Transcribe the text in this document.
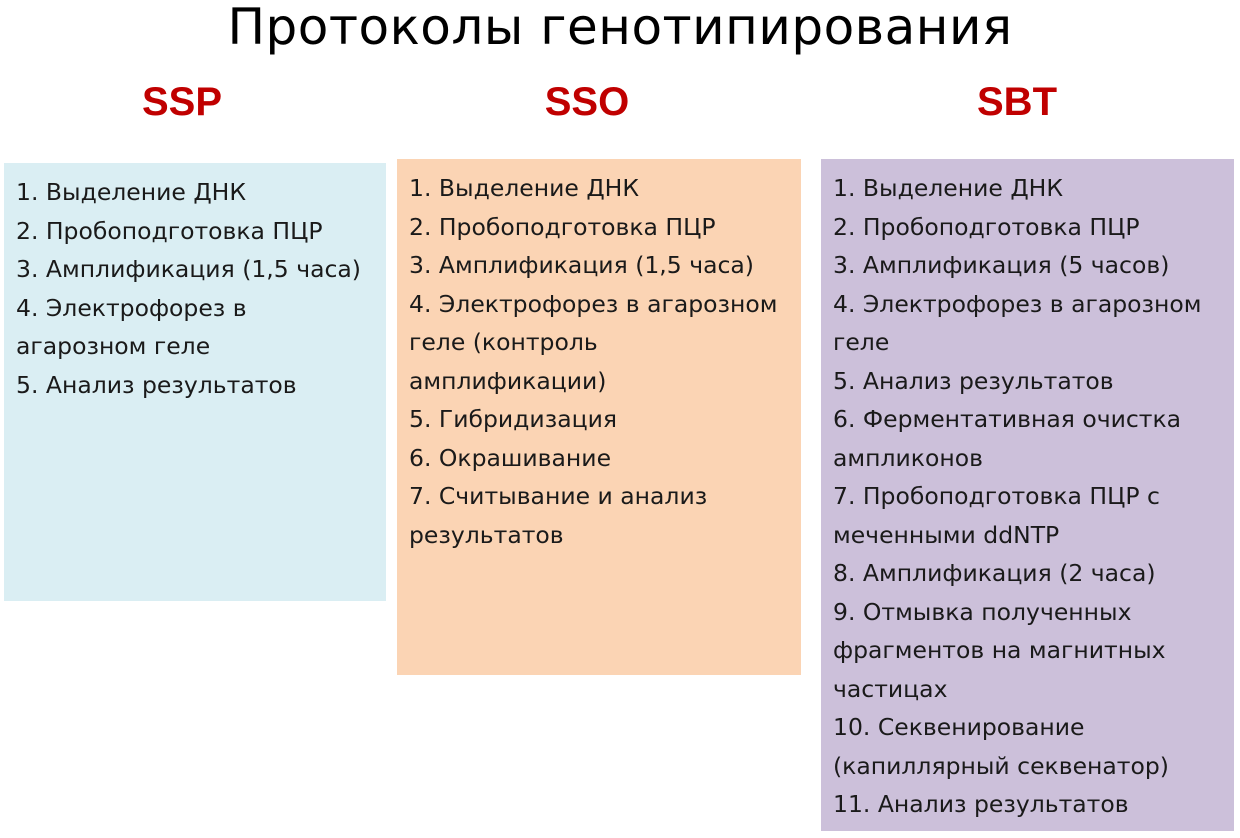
Протоколы генотипирования
SSP	SSO	SBT
1. Выделение ДНК
2. Пробоподготовка ПЦР
3. Амплификация (1,5 часа)
4. Электрофорез в агарозном геле
5. Анализ результатов
1. Выделение ДНК
2. Пробоподготовка ПЦР
3. Амплификация (1,5 часа)
4. Электрофорез в агарозном геле (контроль амплификации)
5. Гибридизация
6. Окрашивание
7. Считывание и анализ результатов
1. Выделение ДНК
2. Пробоподготовка ПЦР
3. Амплификация (5 часов)
4. Электрофорез в агарозном геле
5. Анализ результатов
6. Ферментативная очистка ампликонов
7. Пробоподготовка ПЦР с меченными ddNTP
8. Амплификация (2 часа)
9. Отмывка полученных фрагментов на магнитных частицах
10. Секвенирование (капиллярный секвенатор)
11. Анализ результатов
